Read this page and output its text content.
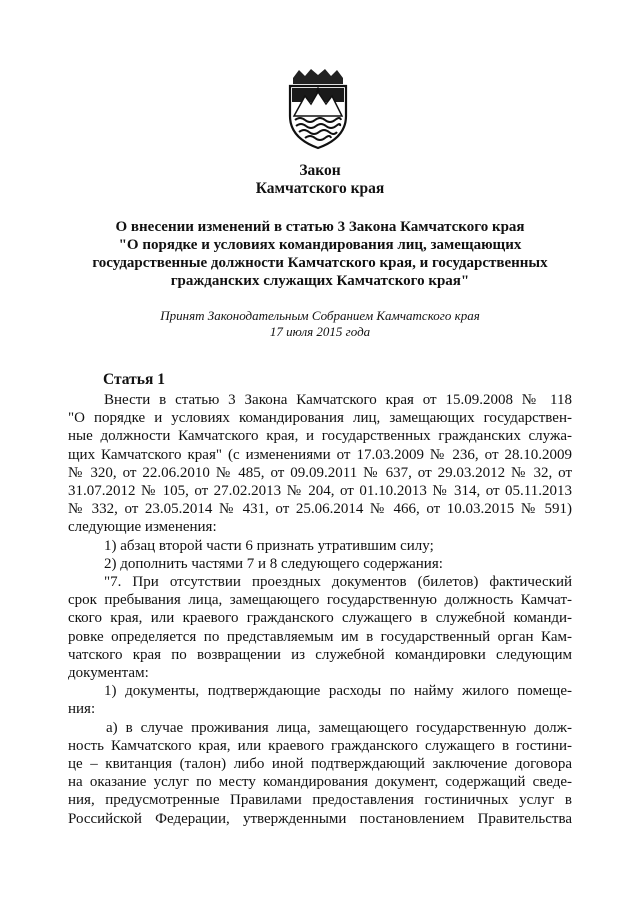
Закон

Камчатского края

О внесении изменений в статью 3 Закона Камчатского края

"О порядке и условиях командирования лиц, замещающих

государственные должности Камчатского края, и государственных

гражданских служащих Камчатского края"

Принят Законодательным Собранием Камчатского края

17 июля 2015 года

Статья 1

Внести в статью 3 Закона Камчатского края от 15.09.2008 № 118
"О порядке и условиях командирования лиц, замещающих государствен-
ные должности Камчатского края, и государственных гражданских служа-
щих Камчатского края" (с изменениями от 17.03.2009 № 236, от 28.10.2009
№ 320, от 22.06.2010 № 485, от 09.09.2011 № 637, от 29.03.2012 № 32, от
31.07.2012 № 105, от 27.02.2013 № 204, от 01.10.2013 № 314, от 05.11.2013
№ 332, от 23.05.2014 № 431, от 25.06.2014 № 466, от 10.03.2015 № 591)
следующие изменения:
1) абзац второй части 6 признать утратившим силу;
2) дополнить частями 7 и 8 следующего содержания:
"7. При отсутствии проездных документов (билетов) фактический
срок пребывания лица, замещающего государственную должность Камчат-
ского края, или краевого гражданского служащего в служебной команди-
ровке определяется по представляемым им в государственный орган Кам-
чатского края по возвращении из служебной командировки следующим
документам:
1) документы, подтверждающие расходы по найму жилого помеще-
ния:
а) в случае проживания лица, замещающего государственную долж-
ность Камчатского края, или краевого гражданского служащего в гостини-
це – квитанция (талон) либо иной подтверждающий заключение договора
на оказание услуг по месту командирования документ, содержащий сведе-
ния, предусмотренные Правилами предоставления гостиничных услуг в
Российской Федерации, утвержденными постановлением Правительства
